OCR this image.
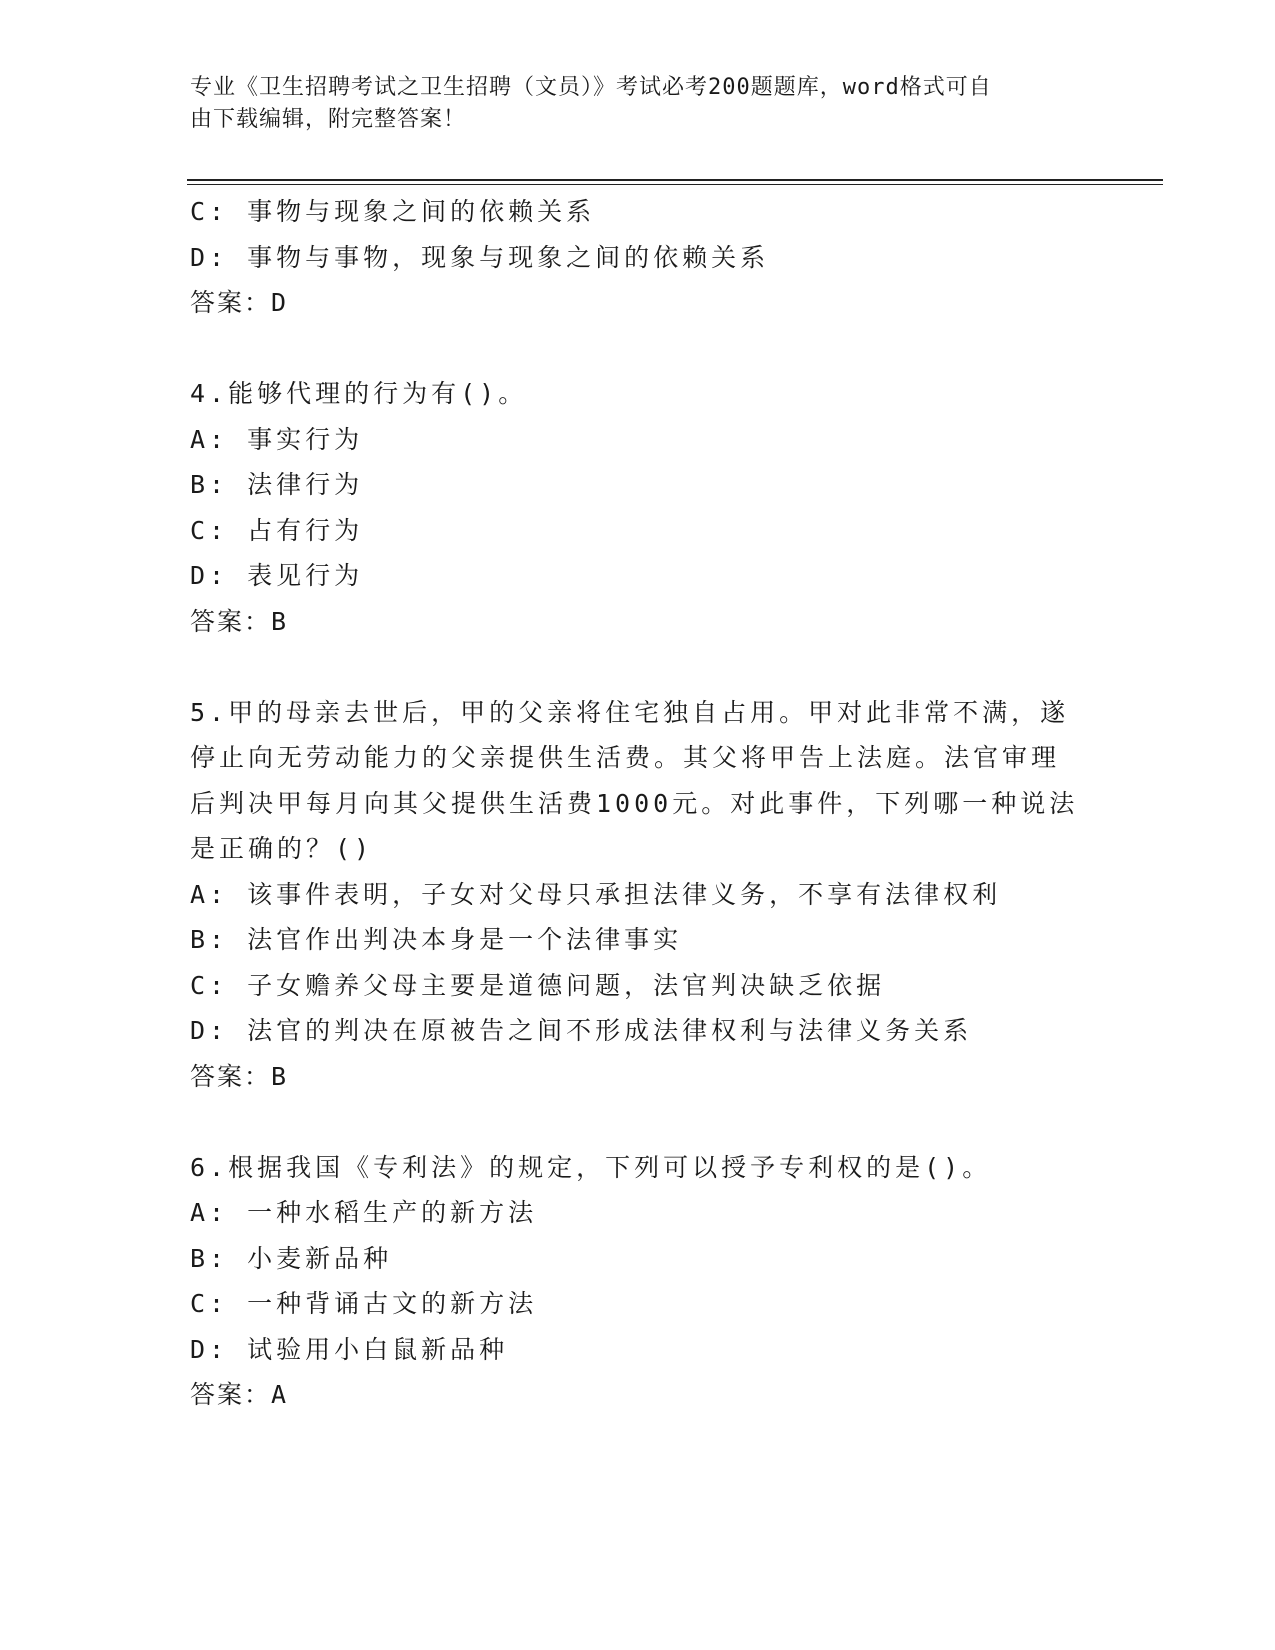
专业《卫生招聘考试之卫生招聘（文员）》考试必考200题题库，word格式可自
由下载编辑，附完整答案！
C: 事物与现象之间的依赖关系
D: 事物与事物，现象与现象之间的依赖关系
答案：D
4.能够代理的行为有()。
A: 事实行为
B: 法律行为
C: 占有行为
D: 表见行为
答案：B
5.甲的母亲去世后，甲的父亲将住宅独自占用。甲对此非常不满，遂
停止向无劳动能力的父亲提供生活费。其父将甲告上法庭。法官审理
后判决甲每月向其父提供生活费1000元。对此事件，下列哪一种说法
是正确的？()
A: 该事件表明，子女对父母只承担法律义务，不享有法律权利
B: 法官作出判决本身是一个法律事实
C: 子女赡养父母主要是道德问题，法官判决缺乏依据
D: 法官的判决在原被告之间不形成法律权利与法律义务关系
答案：B
6.根据我国《专利法》的规定，下列可以授予专利权的是()。
A: 一种水稻生产的新方法
B: 小麦新品种
C: 一种背诵古文的新方法
D: 试验用小白鼠新品种
答案：A
